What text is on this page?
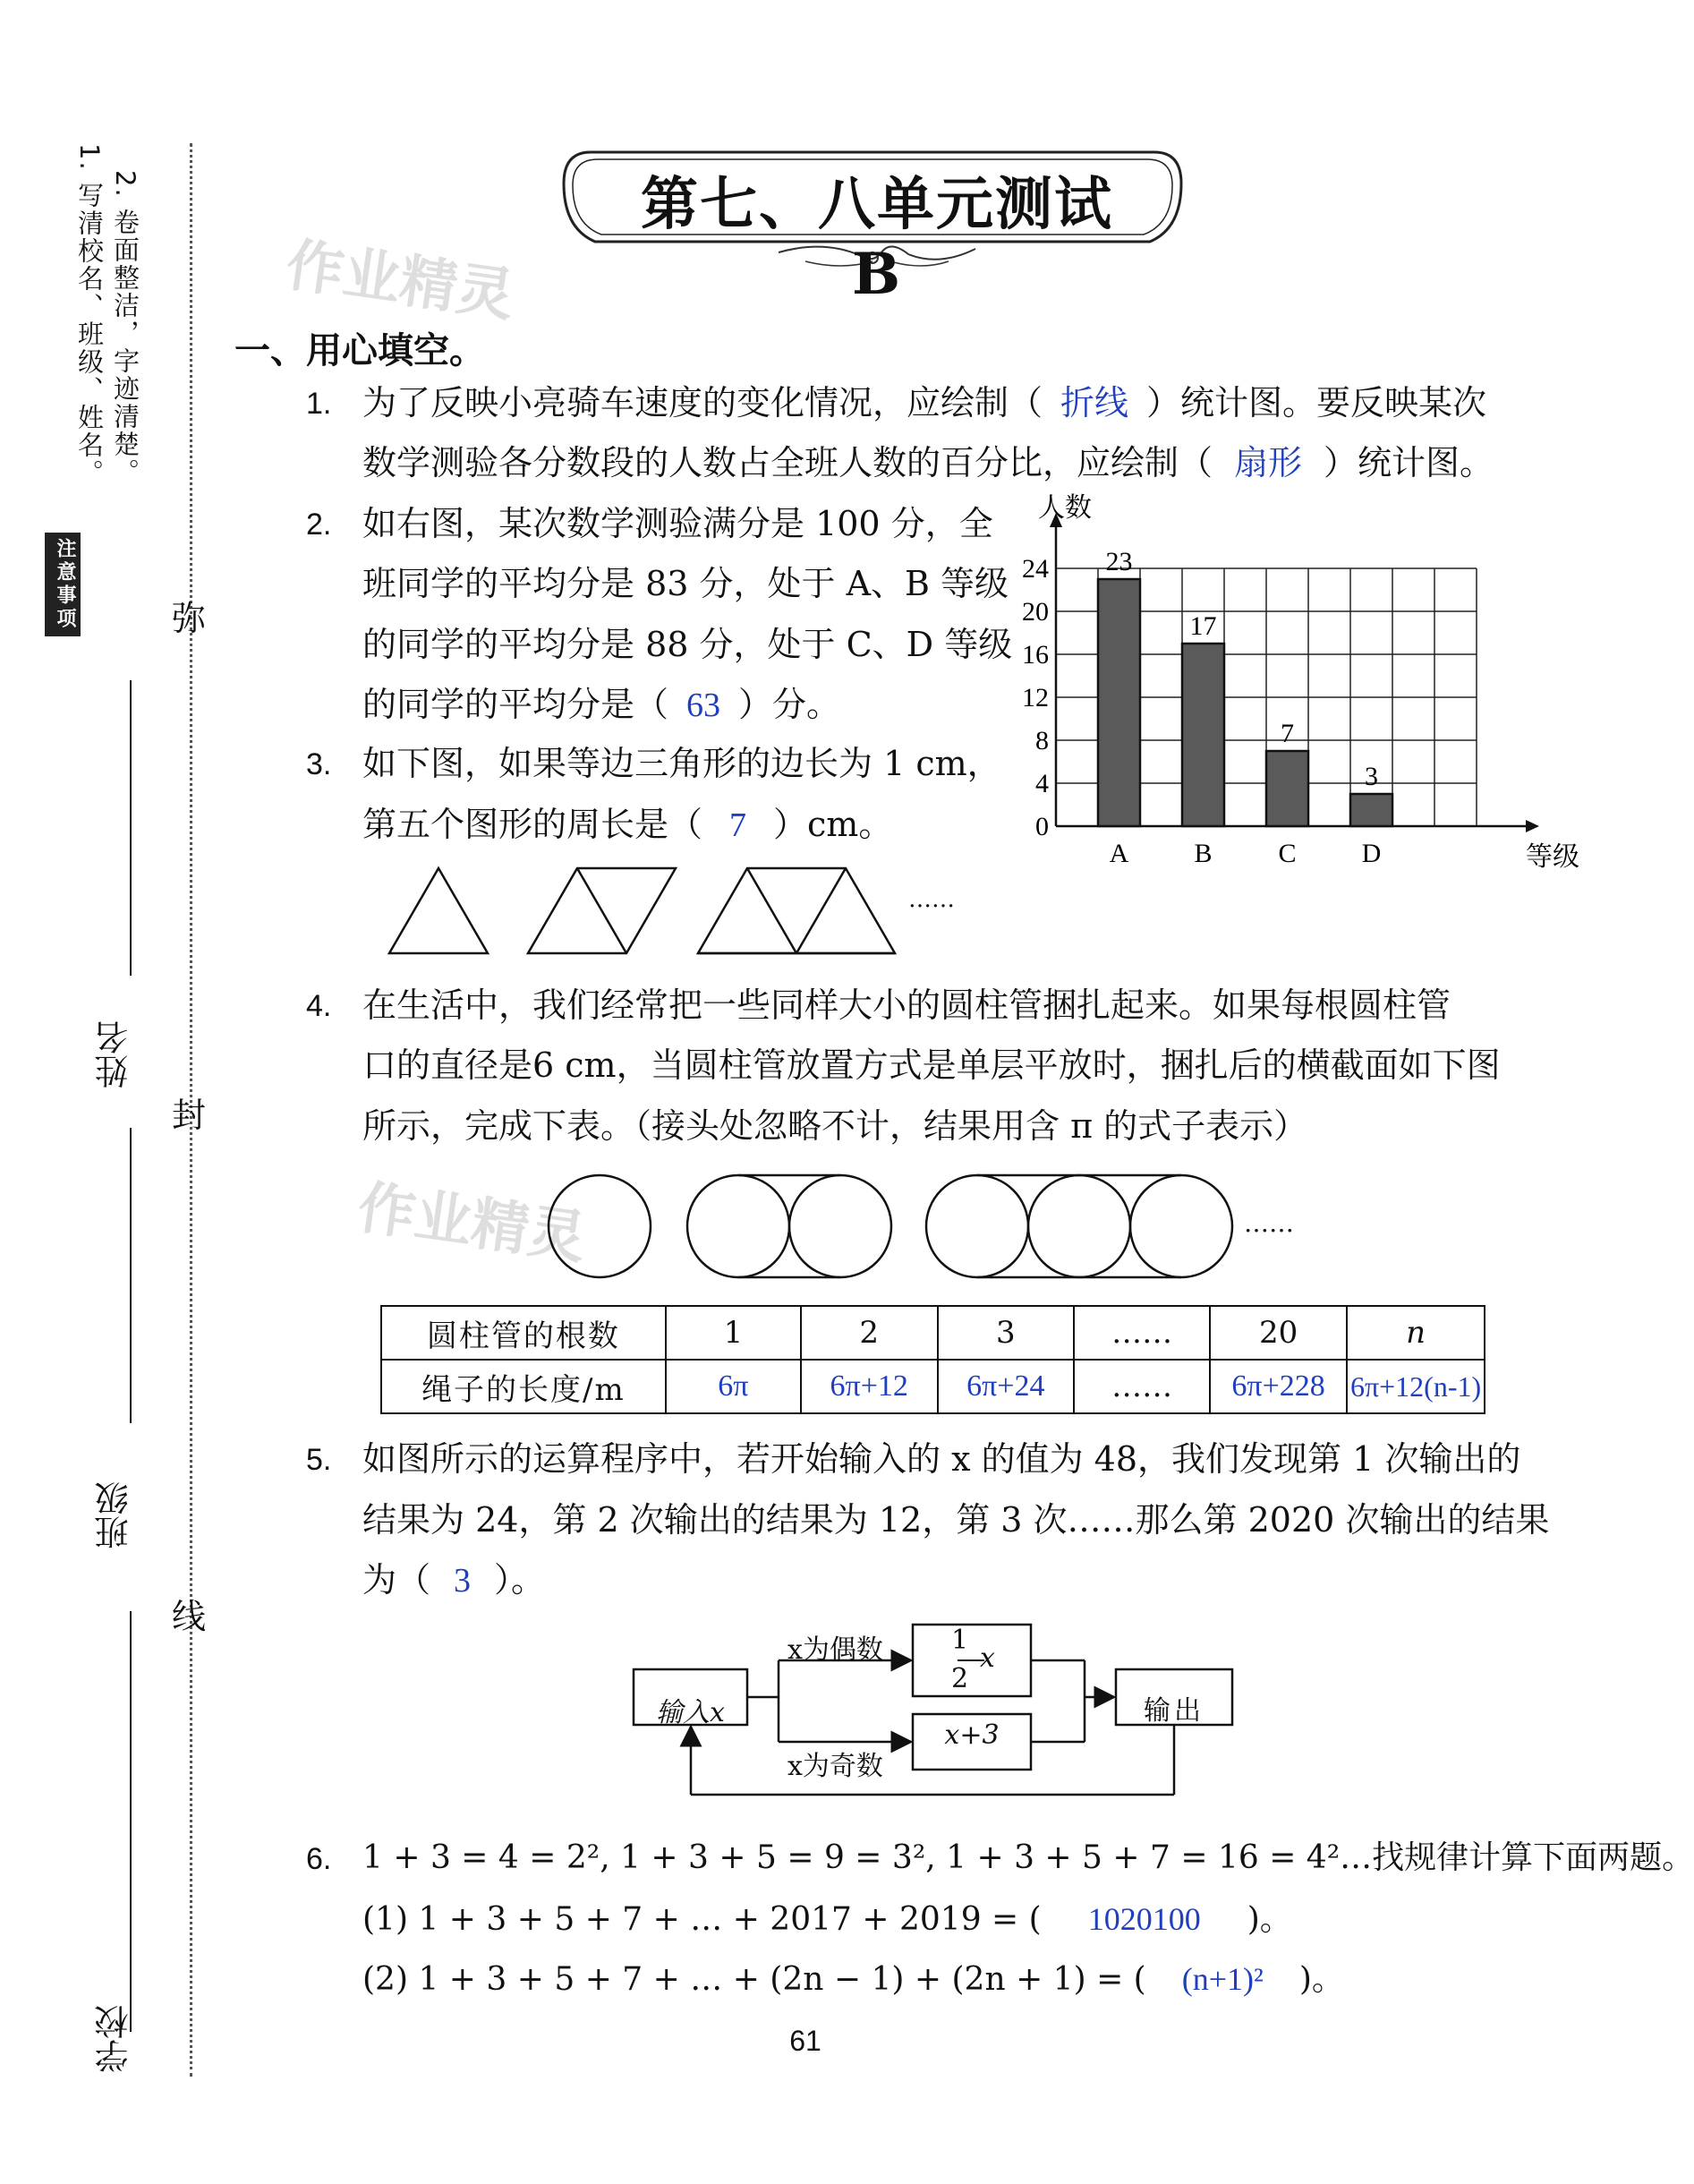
1. 写清校名、班级、姓名。 2. 卷面整洁，字迹清楚。
注意事项	弥
封
线
姓名
班级
学校
第七、八单元测试 B
作业精灵
作业精灵
一、用心填空。
1. 为了反映小亮骑车速度的变化情况，应绘制（ 折线 ）统计图。要反映某次
数学测验各分数段的人数占全班人数的百分比，应绘制（ 扇形 ）统计图。
2. 如右图，某次数学测验满分是 100 分，全
班同学的平均分是 83 分，处于 A、B 等级
的同学的平均分是 88 分，处于 C、D 等级
的同学的平均分是（ 63 ）分。
0
4
8
12
16
20
24
人数
等级
23
A
17
B
7
C
3
D
3. 如下图，如果等边三角形的边长为 1 cm，
第五个图形的周长是（ 7 ）cm。
……
4. 在生活中，我们经常把一些同样大小的圆柱管捆扎起来。如果每根圆柱管
口的直径是6 cm，当圆柱管放置方式是单层平放时，捆扎后的横截面如下图
所示，完成下表。（接头处忽略不计，结果用含 π 的式子表示）
……
圆柱管的根数	1	2	3	……	20	n
绳子的长度/m	6π	6π+12	6π+24	……	6π+228	6π+12(n-1)
5. 如图所示的运算程序中，若开始输入的 x 的值为 48，我们发现第 1 次输出的
结果为 24，第 2 次输出的结果为 12，第 3 次……那么第 2020 次输出的结果
为（ 3 ）。
输入x
x为偶数
x为奇数
1
2
x
x+3
输出
6. 1 + 3 = 4 = 2², 1 + 3 + 5 = 9 = 3², 1 + 3 + 5 + 7 = 16 = 4²…找规律计算下面两题。
(1) 1 + 3 + 5 + 7 + … + 2017 + 2019 = ( 1020100 )。
(2) 1 + 3 + 5 + 7 + … + (2n − 1) + (2n + 1) = ( (n+1)² )。
61
